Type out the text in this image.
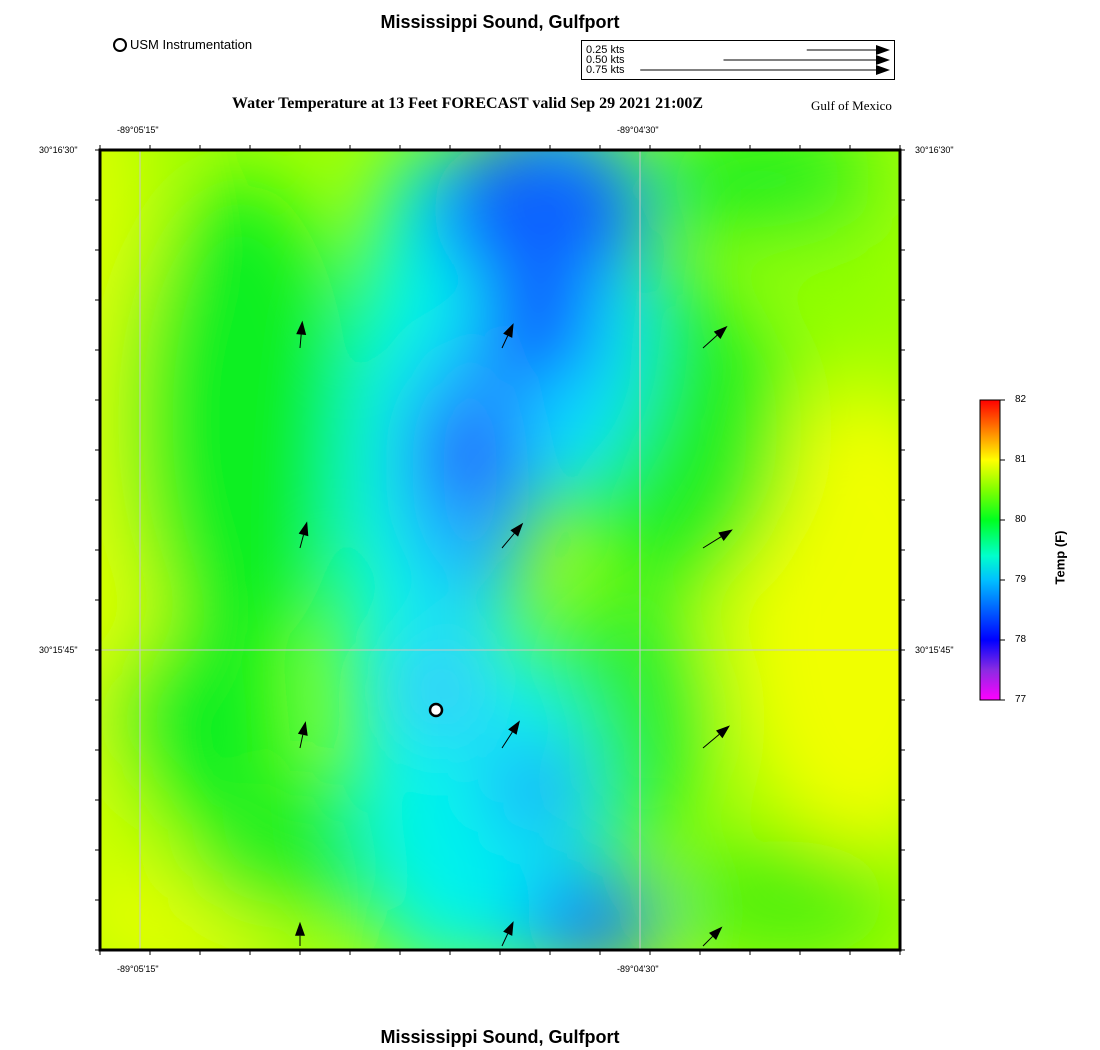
Mississippi Sound, Gulfport
Mississippi Sound, Gulfport
USM Instrumentation	0.25 kts
0.50 kts
0.75 kts
Water Temperature at 13 Feet FORECAST valid Sep 29 2021 21:00Z	Gulf of Mexico
-89°05'15"	-89°04'30"
-89°05'15"	-89°04'30"
30°16'30"
30°15'45"
30°16'30"
30°15'45"
82
81
80
79
78
77
Temp (F)
